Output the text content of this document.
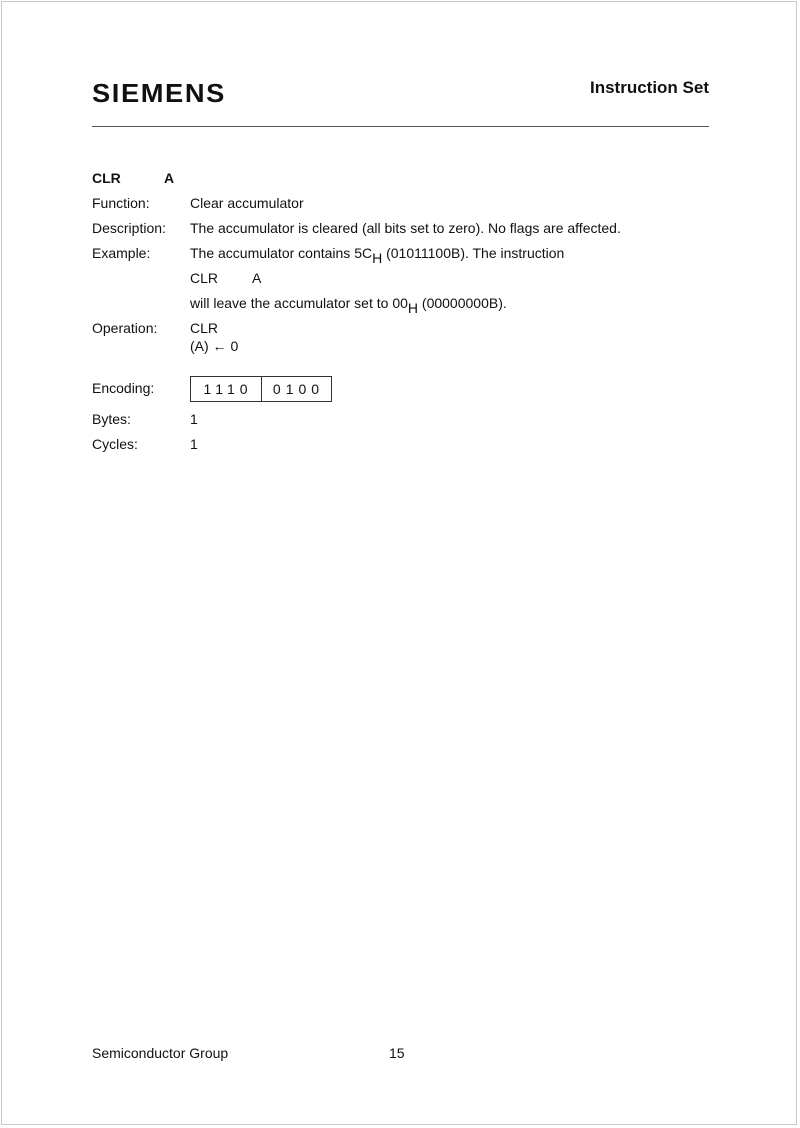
SIEMENS	Instruction Set
CLR	A
Function:	Clear accumulator
Description:	The accumulator is cleared (all bits set to zero). No flags are affected.
Example:	The accumulator contains 5CH (01011100B). The instruction
CLR A
will leave the accumulator set to 00H (00000000B).
Operation:	CLR
(A) ← 0
Encoding:	1110	0100
Bytes:	1
Cycles:	1
Semiconductor Group	15
